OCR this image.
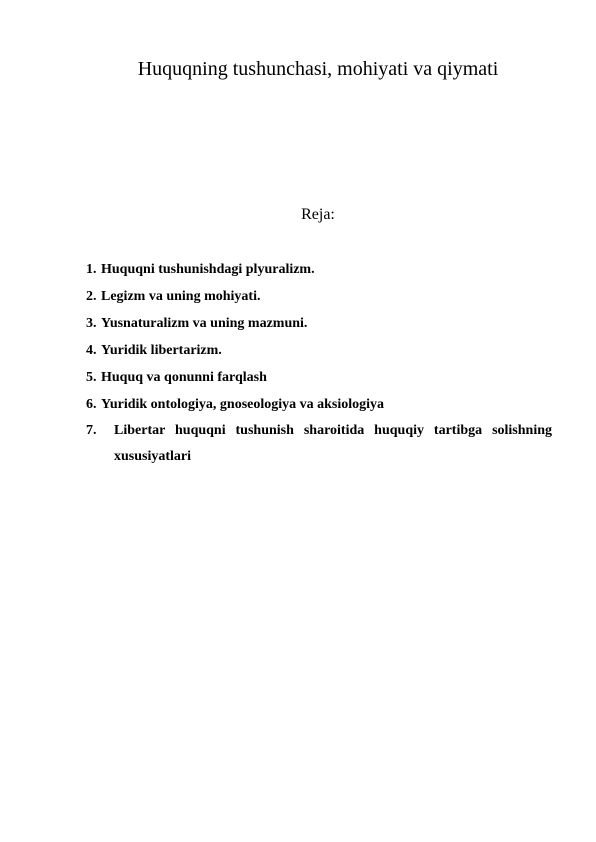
Huquqning tushunchasi, mohiyati va qiymati
Reja:
1. Huquqni tushunishdagi plyuralizm.
2. Legizm va uning mohiyati.
3. Yusnaturalizm va uning mazmuni.
4. Yuridik libertarizm.
5. Huquq va qonunni farqlash
6. Yuridik ontologiya, gnoseologiya va aksiologiya
7.	Libertar huquqni tushunish sharoitida huquqiy tartibga solishning xususiyatlari
